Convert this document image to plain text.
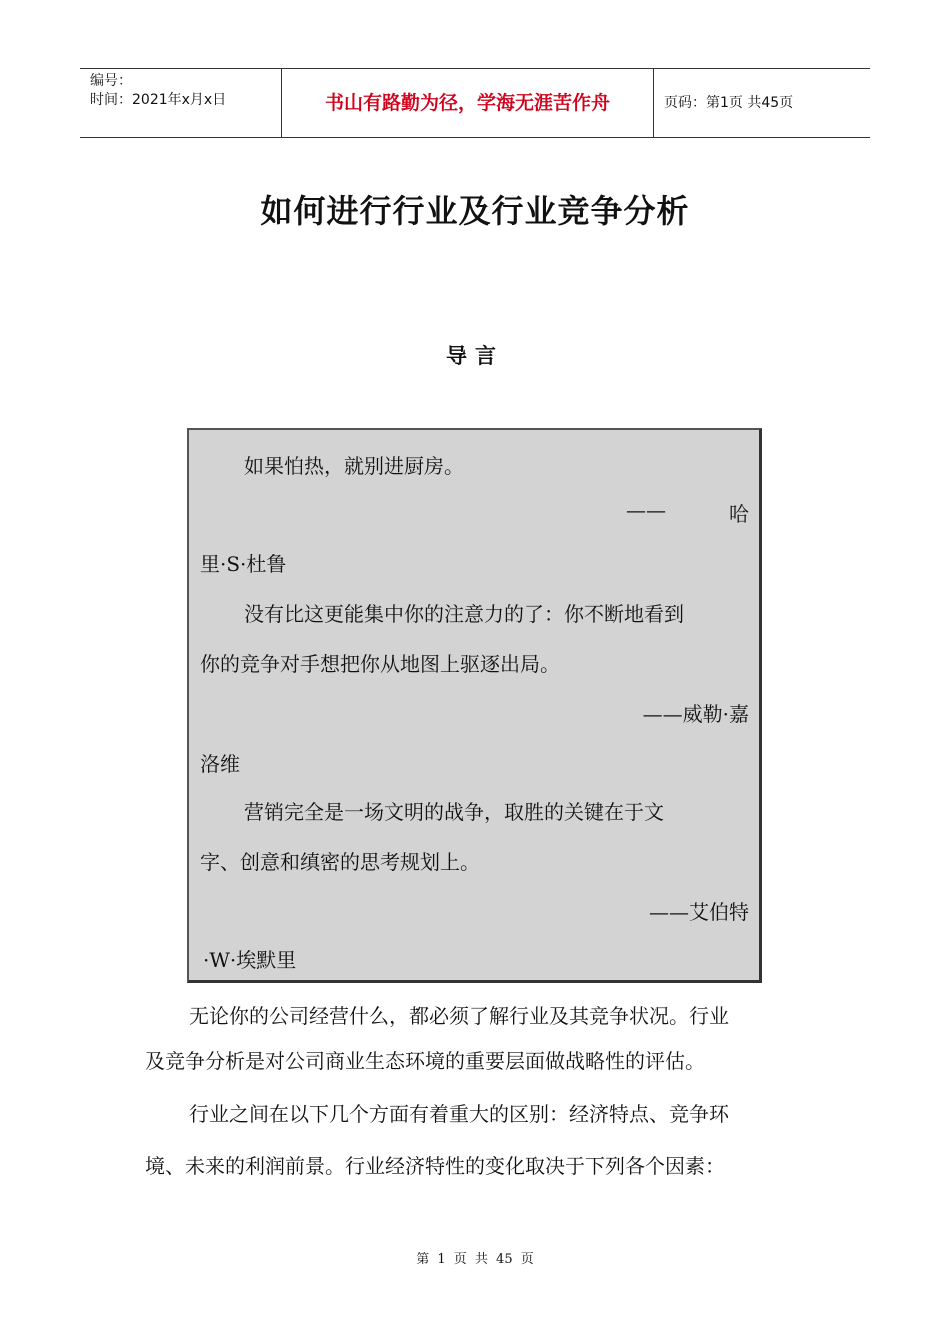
编号：
时间：2021年x月x日	书山有路勤为径，学海无涯苦作舟	页码：第1页 共45页
如何进行行业及行业竞争分析
导言
如果怕热，就别进厨房。
——	哈
里·S·杜鲁
没有比这更能集中你的注意力的了：你不断地看到
你的竞争对手想把你从地图上驱逐出局。
——威勒·嘉
洛维
营销完全是一场文明的战争，取胜的关键在于文
字、创意和缜密的思考规划上。
——艾伯特
·W·埃默里
无论你的公司经营什么，都必须了解行业及其竞争状况。行业
及竞争分析是对公司商业生态环境的重要层面做战略性的评估。
行业之间在以下几个方面有着重大的区别：经济特点、竞争环
境、未来的利润前景。行业经济特性的变化取决于下列各个因素：
第 1 页 共 45 页
